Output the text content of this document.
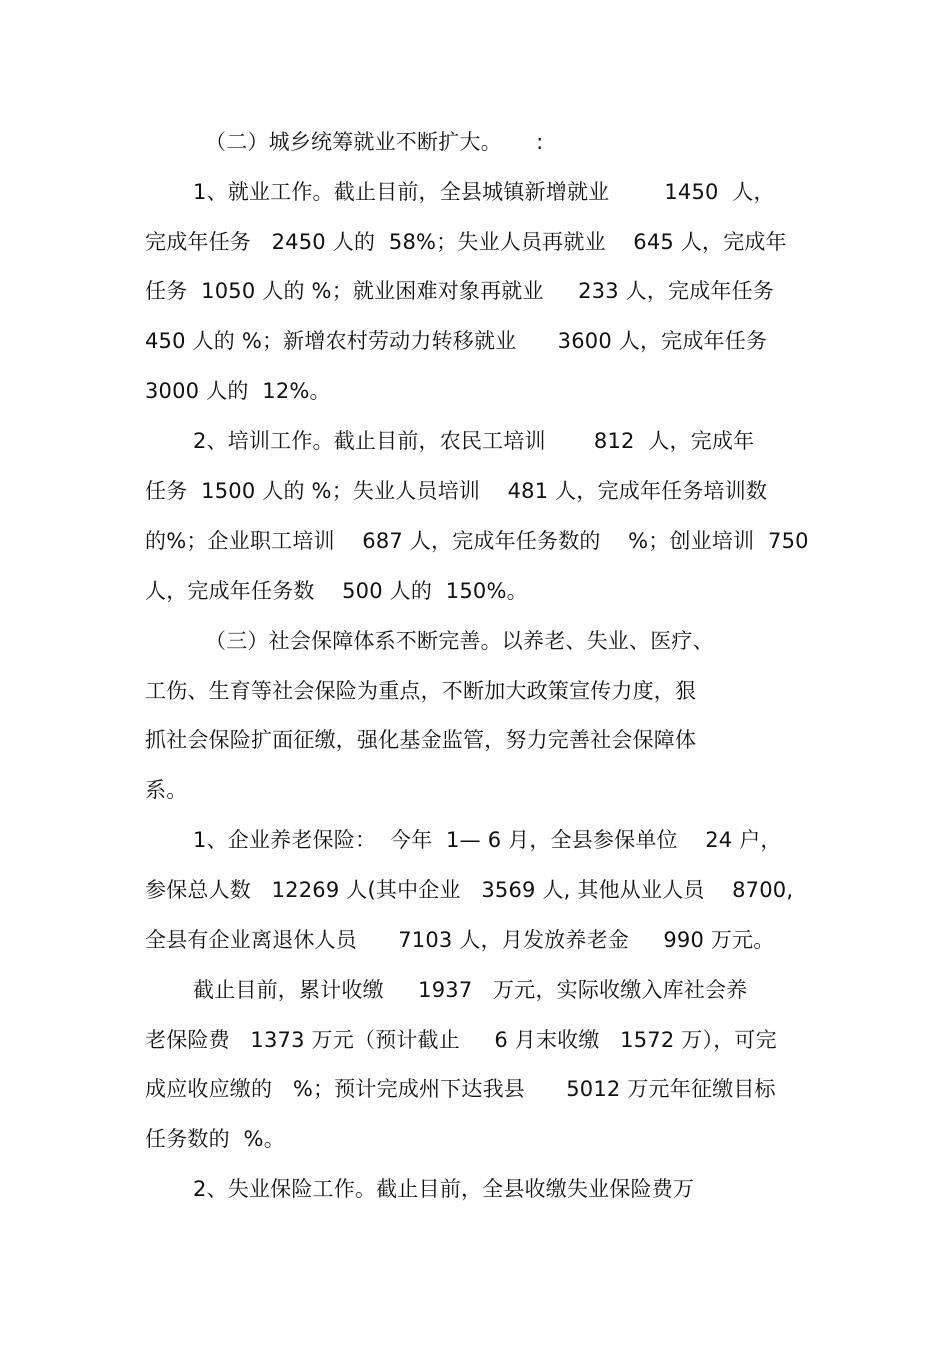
（二）城乡统筹就业不断扩大。     :
1、就业工作。截止目前，全县城镇新增就业        1450  人，
完成年任务   2450 人的  58%；失业人员再就业    645 人，完成年
任务  1050 人的 %；就业困难对象再就业     233 人，完成年任务
450 人的 %；新增农村劳动力转移就业      3600 人，完成年任务
3000 人的  12%。
2、培训工作。截止目前，农民工培训       812  人，完成年
任务  1500 人的 %；失业人员培训    481 人，完成年任务培训数
的%；企业职工培训    687 人，完成年任务数的    %；创业培训  750
人，完成年任务数    500 人的  150%。
（三）社会保障体系不断完善。以养老、失业、医疗、
工伤、生育等社会保险为重点，不断加大政策宣传力度，狠
抓社会保险扩面征缴，强化基金监管，努力完善社会保障体
系。
1、企业养老保险：  今年  1— 6 月，全县参保单位    24 户，
参保总人数   12269 人(其中企业   3569 人, 其他从业人员    8700,
全县有企业离退休人员      7103 人，月发放养老金     990 万元。
截止目前，累计收缴     1937   万元，实际收缴入库社会养
老保险费   1373 万元（预计截止     6 月末收缴   1572 万），可完
成应收应缴的   %；预计完成州下达我县      5012 万元年征缴目标
任务数的  %。
2、失业保险工作。截止目前，全县收缴失业保险费万
